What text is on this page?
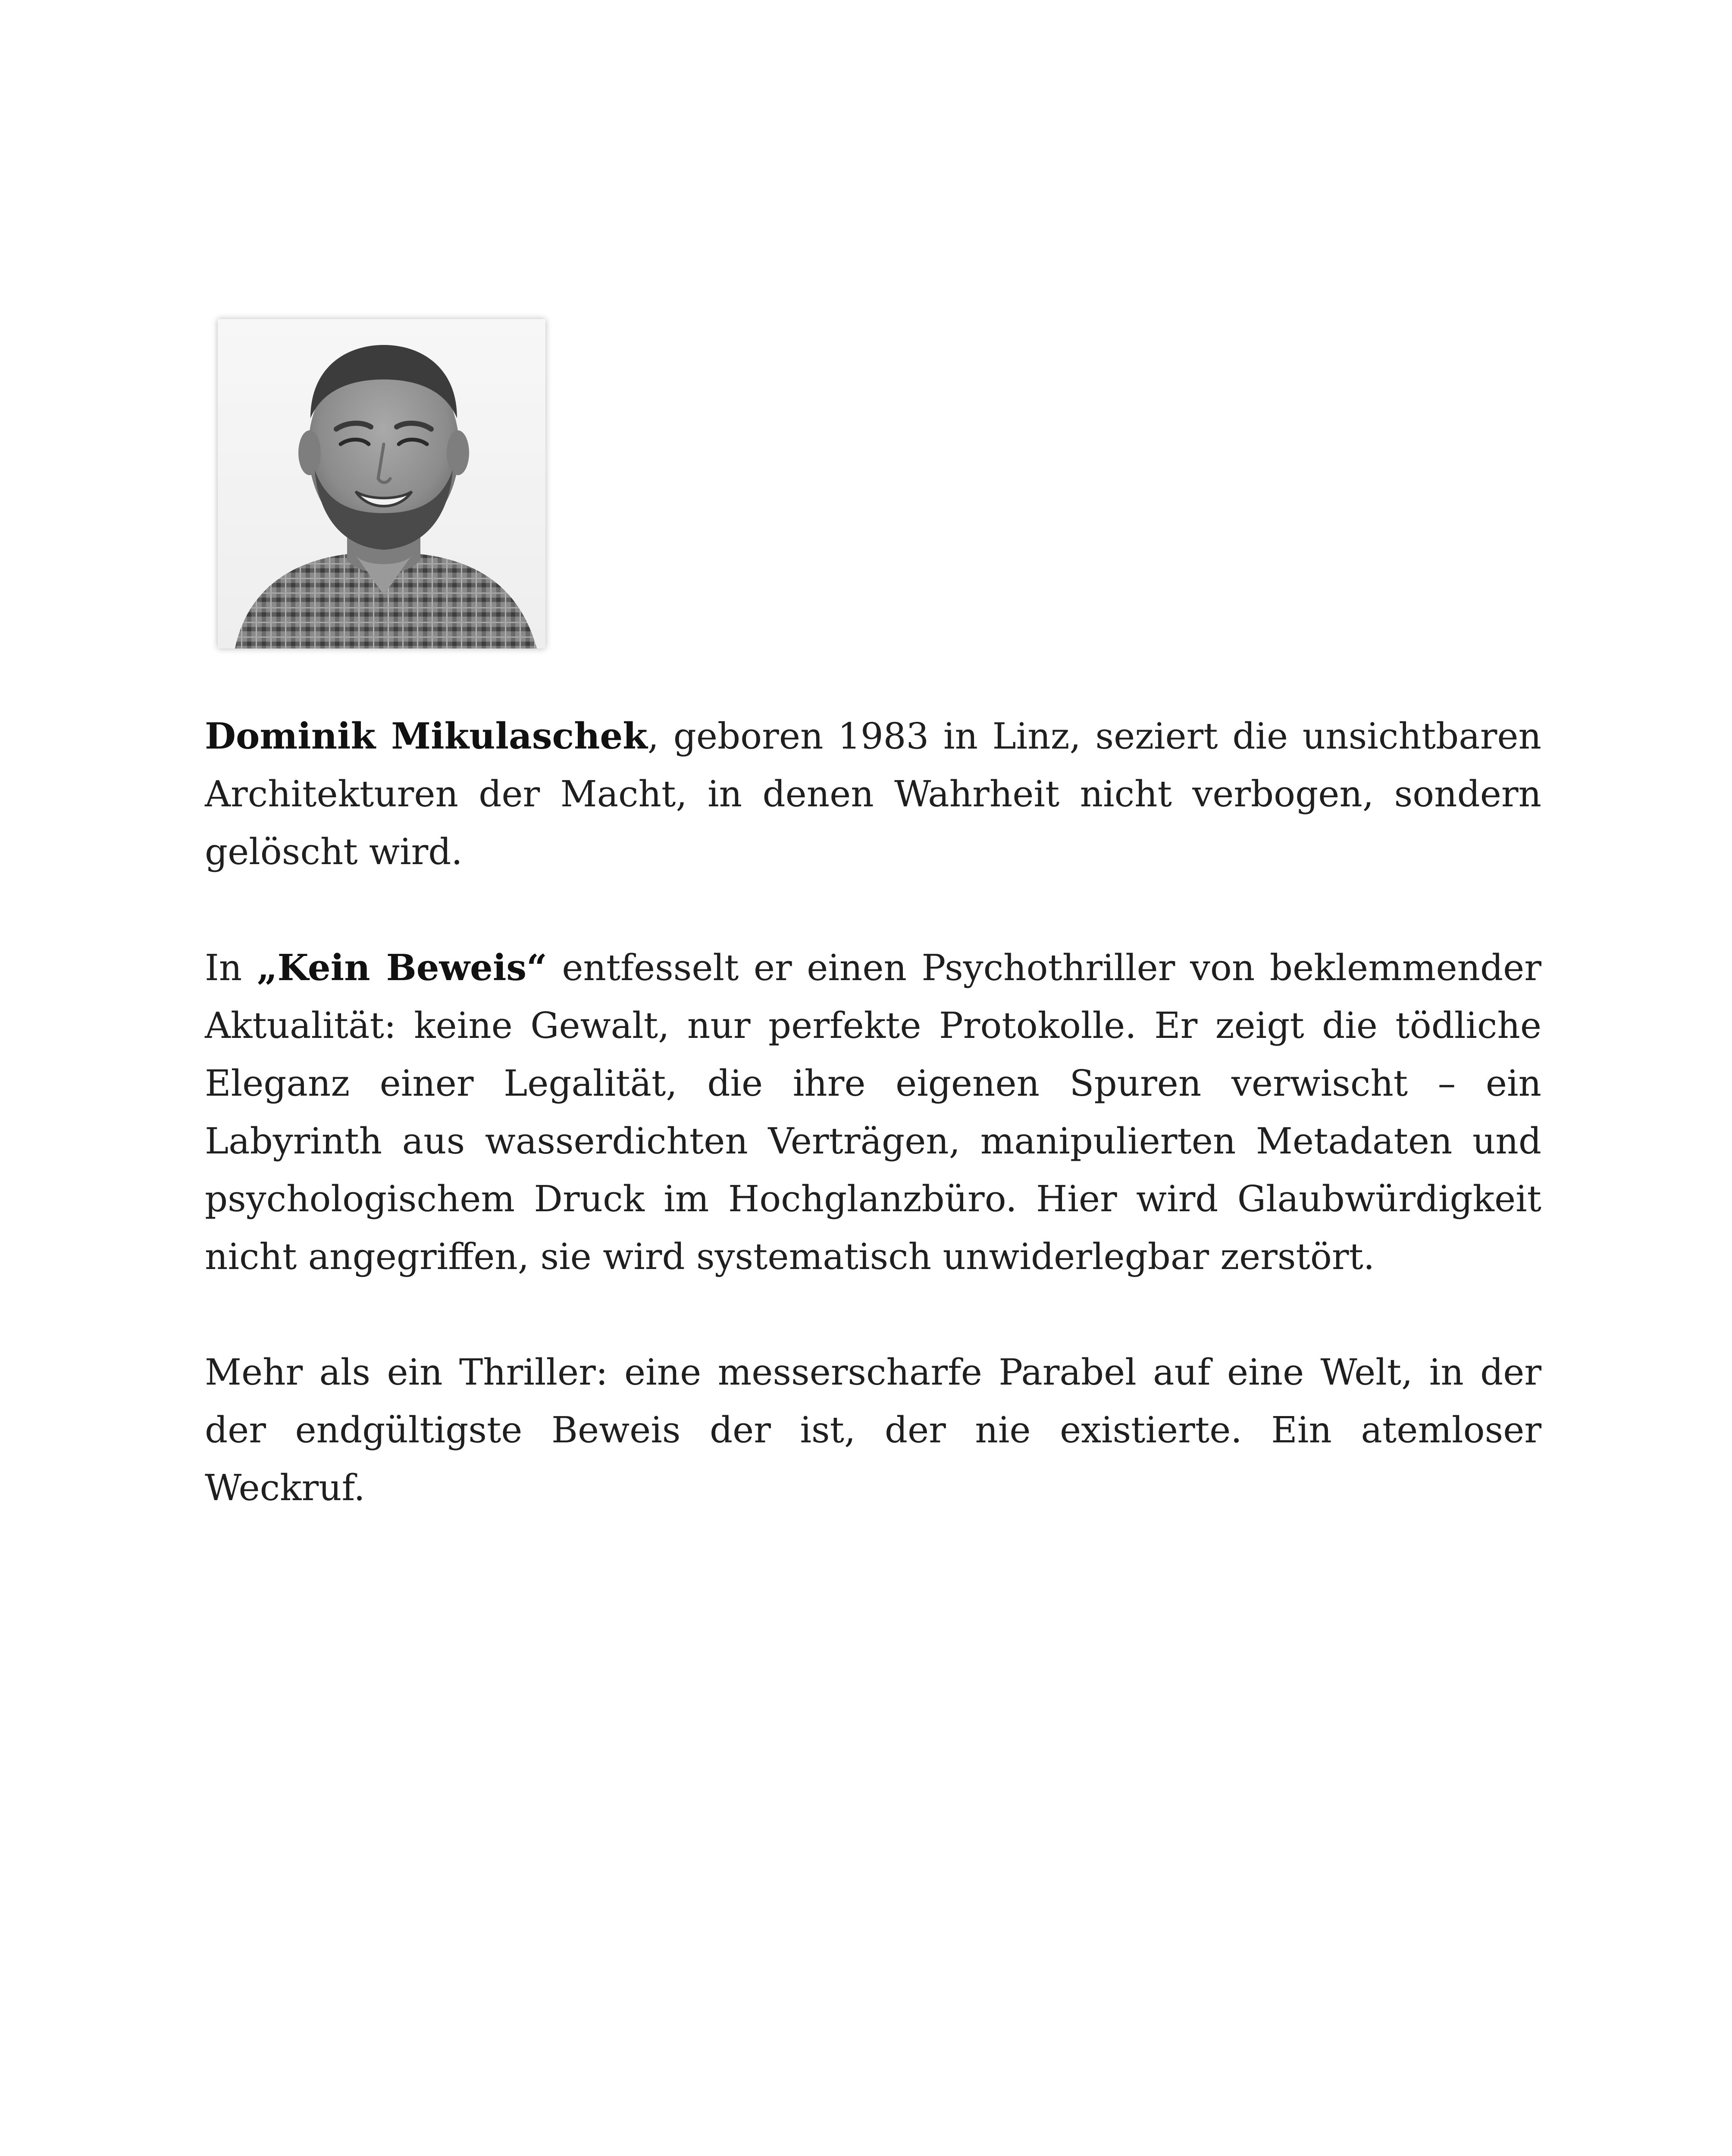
Dominik Mikulaschek, geboren 1983 in Linz, seziert die unsichtbaren Architekturen der Macht, in denen Wahrheit nicht verbogen, sondern gelöscht wird.

In „Kein Beweis“ entfesselt er einen Psychothriller von beklemmender Aktualität: keine Gewalt, nur perfekte Protokolle. Er zeigt die tödliche Eleganz einer Legalität, die ihre eigenen Spuren verwischt – ein Labyrinth aus wasserdichten Verträgen, manipulierten Metadaten und psychologischem Druck im Hochglanzbüro. Hier wird Glaubwürdigkeit nicht angegriffen, sie wird systematisch unwiderlegbar zerstört.

Mehr als ein Thriller: eine messerscharfe Parabel auf eine Welt, in der der endgültigste Beweis der ist, der nie existierte. Ein atemloser Weckruf.
